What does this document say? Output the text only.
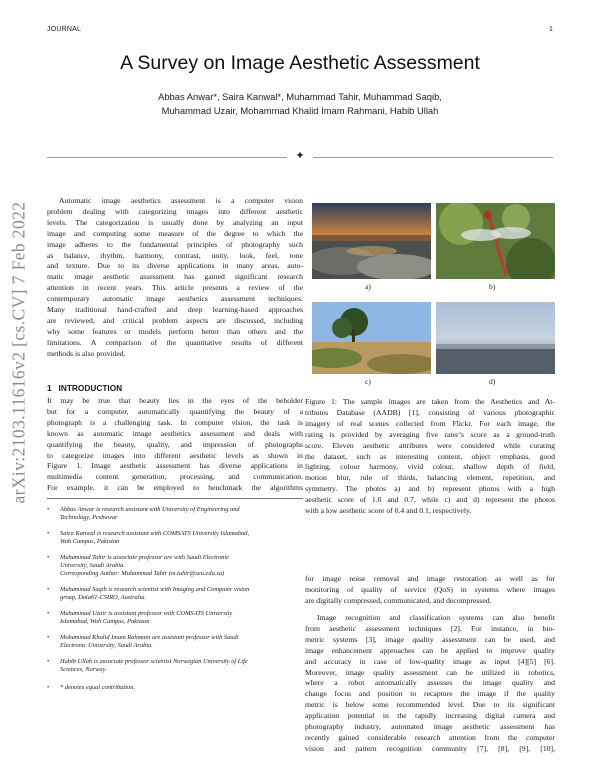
JOURNAL	1
A Survey on Image Aesthetic Assessment
Abbas Anwar*, Saira Kanwal*, Muhammad Tahir, Muhammad Saqib,
Muhammad Uzair, Mohammad Khalid Imam Rahmani, Habib Ullah
✦
arXiv:2103.11616v2 [cs.CV] 7 Feb 2022
Automatic image aesthetics assessment is a computer vision
problem dealing with categorizing images into different aesthetic
levels. The categorization is usually done by analyzing an input
image and computing some measure of the degree to which the
image adheres to the fundamental principles of photography such
as balance, rhythm, harmony, contrast, unity, look, feel, tone
and texture. Due to its diverse applications in many areas, auto-
matic image aesthetic assessment has gained significant research
attention in recent years. This article presents a review of the
contemporary automatic image aesthetics assessment techniques.
Many traditional hand-crafted and deep learning-based approaches
are reviewed, and critical problem aspects are discussed, including
why some features or models perform better than others and the
limitations. A comparison of the quantitative results of different
methods is also provided.
1 INTRODUCTION
It may be true that beauty lies in the eyes of the beholder
but for a computer, automatically quantifying the beauty of a
photograph is a challenging task. In computer vision, the task is
known as automatic image aesthetics assessment and deals with
quantifying the beauty, quality, and impression of photographs
to categorize images into different aesthetic levels as shown in
Figure 1. Image aesthetic assessment has diverse applications in
multimedia content generation, processing, and communication.
For example, it can be employed to benchmark the algorithms
• Abbas Anwar is research assistant with University of Engineering and
Technology, Peshawar
• Saira Kanwal is research assistant with COMSATS University Islamabad,
Wah Campus, Pakistan
• Muhammad Tahir is associate professor are with Saudi Electronic
University, Saudi Arabia.
Corresponding Author: Muhammad Tahir (m.tahir@seu.edu.sa)
• Muhammad Saqib is research scientist with Imaging and Computer vision
group, Data61-CSIRO, Australia.
• Muhammad Uzair is assistant professor with COMSATS University
Islamabad, Wah Campus, Pakistan
• Mohammad Khalid Imam Rahmani are assistant professor with Saudi
Electronic University, Saudi Arabia.
• Habib Ullah is associate professor scientist Norwegian University of Life
Sciences, Norway.
• * denotes equal contribution.
a)	b)
c)	d)
Figure 1: The sample images are taken from the Aesthetics and At-
tributes Database (AADB) [1], consisting of various photographic
imagery of real scenes collected from Flickr. For each image, the
rating is provided by averaging five rater’s score as a ground-truth
score. Eleven aesthetic attributes were considered while curating
the dataset, such as interesting content, object emphasis, good
lighting, colour harmony, vivid colour, shallow depth of field,
motion blur, rule of thirds, balancing element, repetition, and
symmetry. The photos a) and b) represent photos with a high
aesthetic score of 1.0 and 0.7, while c) and d) represent the photos
with a low aesthetic score of 0.4 and 0.1, respectively.
for image noise removal and image restoration as well as for
monitoring of quality of service (QoS) in systems where images
are digitally compressed, communicated, and decompressed.
Image recognition and classification systems can also benefit
from aesthetic assessment techniques [2]. For instance, in bio-
metric systems [3], image quality assessment can be used, and
image enhancement approaches can be applied to improve quality
and accuracy in case of low-quality image as input [4][5] [6].
Moreover, image quality assessment can be utilized in robotics,
where a robot automatically assesses the image quality and
change focus and position to recapture the image if the quality
metric is below some recommended level. Due to its significant
application potential in the rapidly increasing digital camera and
photography industry, automated image aesthetic assessment has
recently gained considerable research attention from the computer
vision and pattern recognition community [7], [8], [9], [10],
